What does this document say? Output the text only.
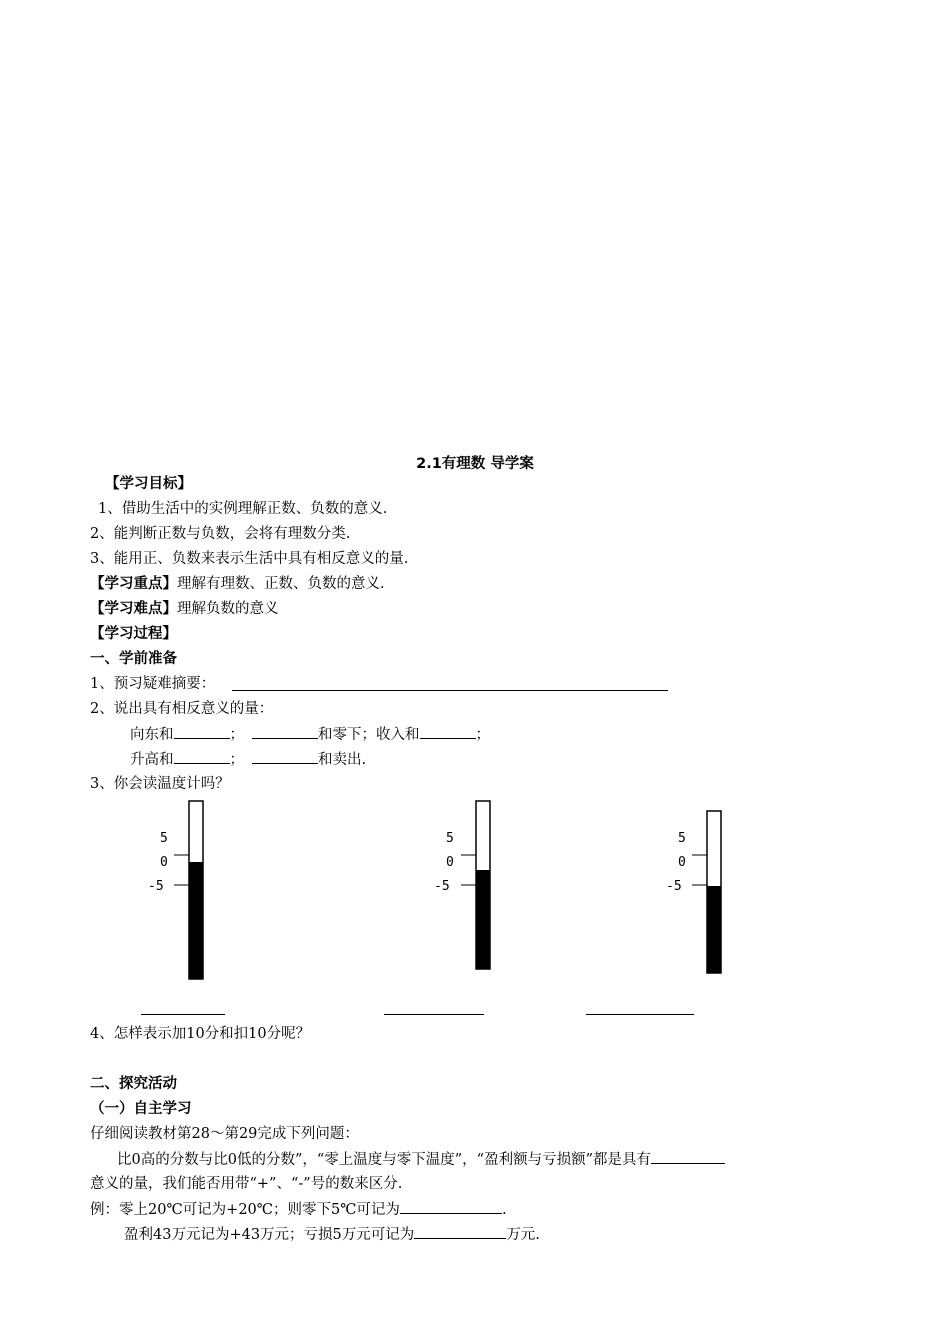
2.1有理数 导学案
【学习目标】
1、借助生活中的实例理解正数、负数的意义.
2、能判断正数与负数，会将有理数分类.
3、能用正、负数来表示生活中具有相反意义的量.
【学习重点】理解有理数、正数、负数的意义.
【学习难点】理解负数的意义
【学习过程】
一、学前准备
1、预习疑难摘要：
2、说出具有相反意义的量：
向东和	；	和零下；收入和	；
升高和	；	和卖出.
3、你会读温度计吗？
5
0
-5
5
0
-5
5
0
-5
4、怎样表示加10分和扣10分呢？
二、探究活动
（一）自主学习
仔细阅读教材第28～第29完成下列问题：
比0高的分数与比0低的分数”，“零上温度与零下温度”，“盈利额与亏损额”都是具有
意义的量，我们能否用带“+”、“-”号的数来区分.
例：零上20℃可记为+20℃；则零下5℃可记为	.
盈利43万元记为+43万元；亏损5万元可记为	万元.
